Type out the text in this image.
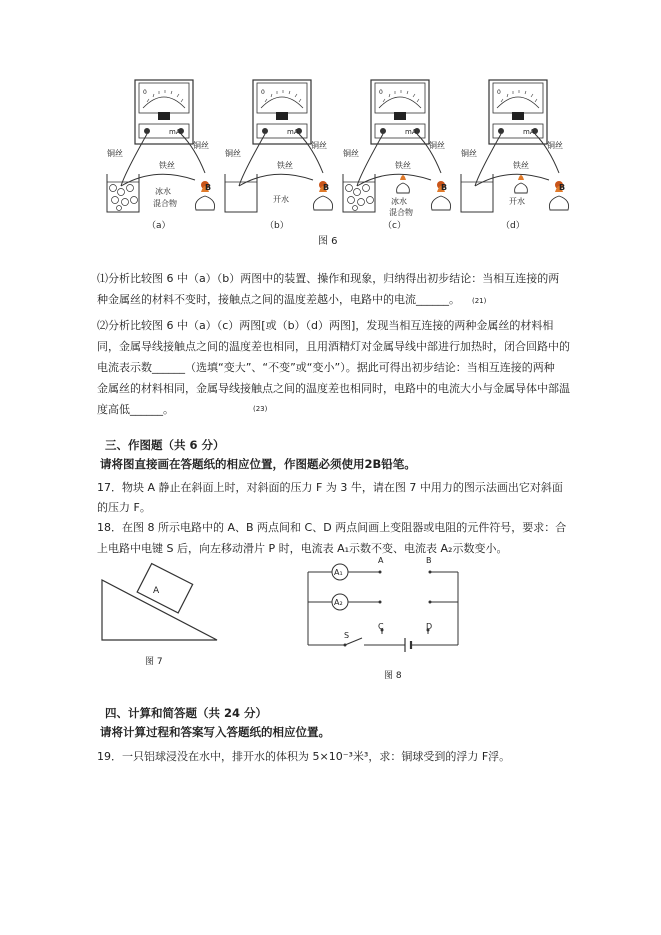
0
mA
铜丝
铜丝
铁丝
B
冰水
混合物
0
mA
铜丝
铜丝
铁丝
B
开水
0
mA
铜丝
铜丝
铁丝
B
冰水
混合物
0
mA
铜丝
铜丝
铁丝
B
开水
（a）	（b）	（c）	（d）
图 6
⑴分析比较图 6 中（a）（b）两图中的装置、操作和现象，归纳得出初步结论：当相互连接的两
种金属丝的材料不变时，接触点之间的温度差越小，电路中的电流______。	(21)
⑵分析比较图 6 中（a）（c）两图[或（b）（d）两图]，发现当相互连接的两种金属丝的材料相
同，金属导线接触点之间的温度差也相同，且用酒精灯对金属导线中部进行加热时，闭合回路中的
电流表示数______（选填“变大”、“不变”或“变小”）。据此可得出初步结论：当相互连接的两种
金属丝的材料相同，金属导线接触点之间的温度差也相同时，电路中的电流大小与金属导体中部温
度高低______。	(23)
三、作图题（共 6 分）
请将图直接画在答题纸的相应位置，作图题必须使用2B铅笔。
17．物块 A 静止在斜面上时，对斜面的压力 F 为 3 牛，请在图 7 中用力的图示法画出它对斜面
的压力 F。
18．在图 8 所示电路中的 A、B 两点间和 C、D 两点间画上变阻器或电阻的元件符号，要求：合
上电路中电键 S 后，向左移动滑片 P 时，电流表 A₁示数不变、电流表 A₂示数变小。
A
图 7
A₁
A₂
A	B
C	D
S
图 8
四、计算和简答题（共 24 分）
请将计算过程和答案写入答题纸的相应位置。
19．一只铝球浸没在水中，排开水的体积为 5×10⁻³米³，求：铜球受到的浮力 F浮。
